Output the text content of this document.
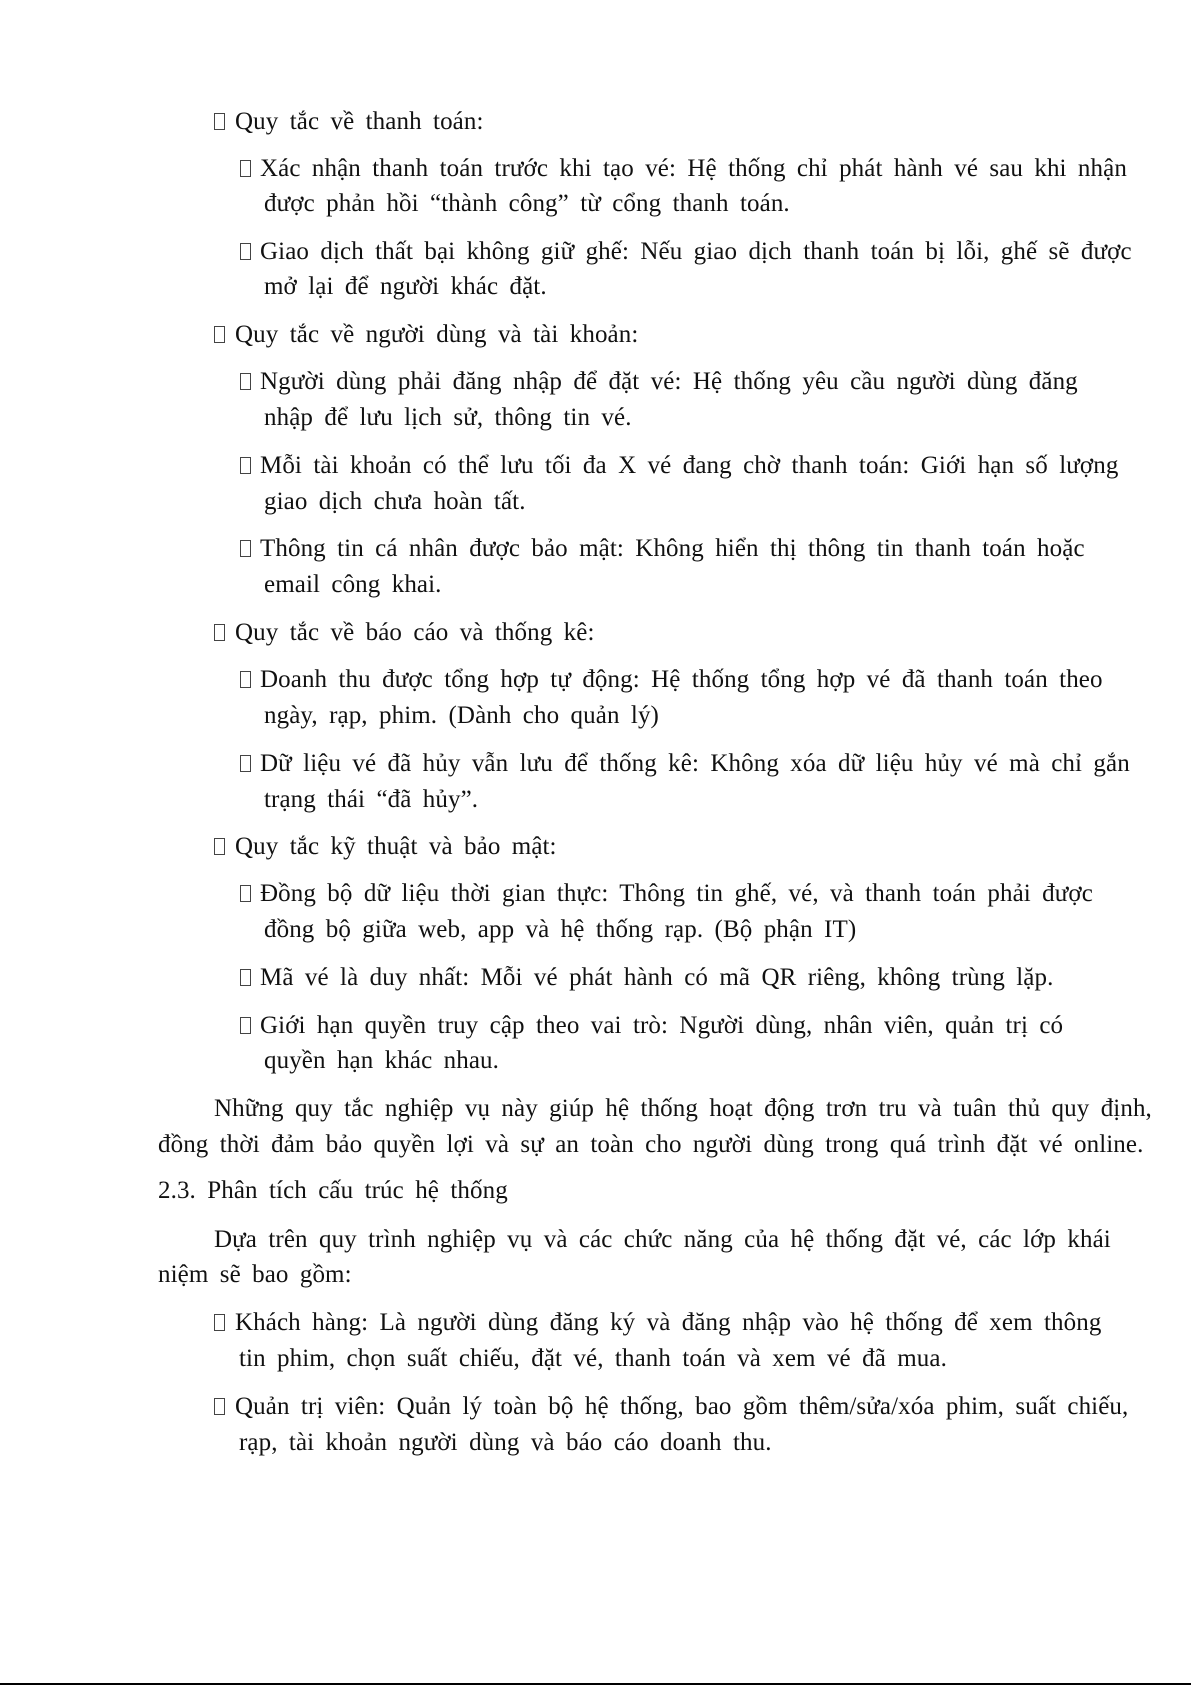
Quy tắc về thanh toán:
Xác nhận thanh toán trước khi tạo vé: Hệ thống chỉ phát hành vé sau khi nhận
được phản hồi “thành công” từ cổng thanh toán.
Giao dịch thất bại không giữ ghế: Nếu giao dịch thanh toán bị lỗi, ghế sẽ được
mở lại để người khác đặt.
Quy tắc về người dùng và tài khoản:
Người dùng phải đăng nhập để đặt vé: Hệ thống yêu cầu người dùng đăng
nhập để lưu lịch sử, thông tin vé.
Mỗi tài khoản có thể lưu tối đa X vé đang chờ thanh toán: Giới hạn số lượng
giao dịch chưa hoàn tất.
Thông tin cá nhân được bảo mật: Không hiển thị thông tin thanh toán hoặc
email công khai.
Quy tắc về báo cáo và thống kê:
Doanh thu được tổng hợp tự động: Hệ thống tổng hợp vé đã thanh toán theo
ngày, rạp, phim. (Dành cho quản lý)
Dữ liệu vé đã hủy vẫn lưu để thống kê: Không xóa dữ liệu hủy vé mà chỉ gắn
trạng thái “đã hủy”.
Quy tắc kỹ thuật và bảo mật:
Đồng bộ dữ liệu thời gian thực: Thông tin ghế, vé, và thanh toán phải được
đồng bộ giữa web, app và hệ thống rạp. (Bộ phận IT)
Mã vé là duy nhất: Mỗi vé phát hành có mã QR riêng, không trùng lặp.
Giới hạn quyền truy cập theo vai trò: Người dùng, nhân viên, quản trị có
quyền hạn khác nhau.
Những quy tắc nghiệp vụ này giúp hệ thống hoạt động trơn tru và tuân thủ quy định,
đồng thời đảm bảo quyền lợi và sự an toàn cho người dùng trong quá trình đặt vé online.
2.3. Phân tích cấu trúc hệ thống
Dựa trên quy trình nghiệp vụ và các chức năng của hệ thống đặt vé, các lớp khái
niệm sẽ bao gồm:
Khách hàng: Là người dùng đăng ký và đăng nhập vào hệ thống để xem thông
tin phim, chọn suất chiếu, đặt vé, thanh toán và xem vé đã mua.
Quản trị viên: Quản lý toàn bộ hệ thống, bao gồm thêm/sửa/xóa phim, suất chiếu,
rạp, tài khoản người dùng và báo cáo doanh thu.
